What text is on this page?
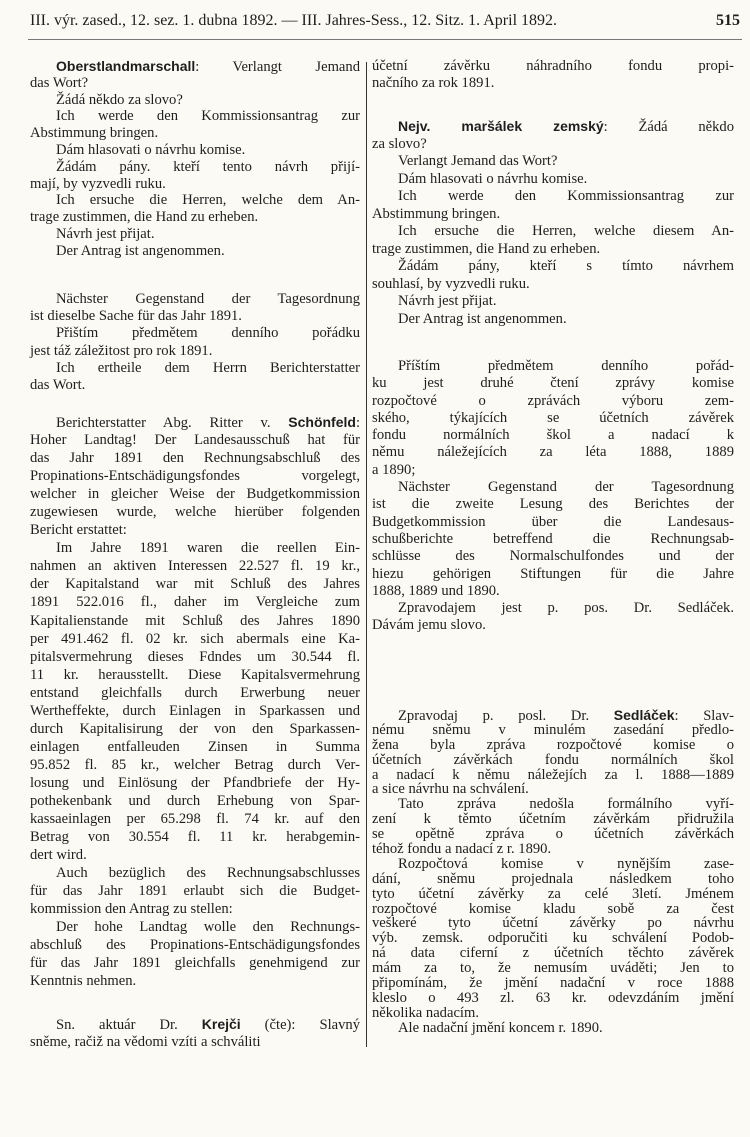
III. výr. zased., 12. sez. 1. dubna 1892. — III. Jahres-Sess., 12. Sitz. 1. April 1892.	515
Oberstlandmarschall: Verlangt Jemand
das Wort?
Žádá někdo za slovo?
Ich werde den Kommissionsantrag zur
Abstimmung bringen.
Dám hlasovati o návrhu komise.
Žádám pány. kteří tento návrh přijí-
mají, by vyzvedli ruku.
Ich ersuche die Herren, welche dem An-
trage zustimmen, die Hand zu erheben.
Návrh jest přijat.
Der Antrag ist angenommen.
Nächster Gegenstand der Tagesordnung
ist dieselbe Sache für das Jahr 1891.
Přištím předmětem denního pořádku
jest táž záležitost pro rok 1891.
Ich ertheile dem Herrn Berichterstatter
das Wort.
Berichterstatter Abg. Ritter v. Schönfeld:
Hoher Landtag! Der Landesausschuß hat für
das Jahr 1891 den Rechnungsabschluß des
Propinations-Entschädigungsfondes vorgelegt,
welcher in gleicher Weise der Budgetkommission
zugewiesen wurde, welche hierüber folgenden
Bericht erstattet:
Im Jahre 1891 waren die reellen Ein-
nahmen an aktiven Interessen 22.527 fl. 19 kr.,
der Kapitalstand war mit Schluß des Jahres
1891 522.016 fl., daher im Vergleiche zum
Kapitalienstande mit Schluß des Jahres 1890
per 491.462 fl. 02 kr. sich abermals eine Ka-
pitalsvermehrung dieses Fdndes um 30.544 fl.
11 kr. herausstellt. Diese Kapitalsvermehrung
entstand gleichfalls durch Erwerbung neuer
Wertheffekte, durch Einlagen in Sparkassen und
durch Kapitalisirung der von den Sparkassen-
einlagen entfalleuden Zinsen in Summa
95.852 fl. 85 kr., welcher Betrag durch Ver-
losung und Einlösung der Pfandbriefe der Hy-
pothekenbank und durch Erhebung von Spar-
kassaeinlagen per 65.298 fl. 74 kr. auf den
Betrag von 30.554 fl. 11 kr. herabgemin-
dert wird.
Auch bezüglich des Rechnungsabschlusses
für das Jahr 1891 erlaubt sich die Budget-
kommission den Antrag zu stellen:
Der hohe Landtag wolle den Rechnungs-
abschluß des Propinations-Entschädigungsfondes
für das Jahr 1891 gleichfalls genehmigend zur
Kenntnis nehmen.
Sn. aktuár Dr. Krejči (čte): Slavný
sněme, račiž na vědomi vzíti a schváliti
účetní závěrku náhradního fondu propi-
načního za rok 1891.
Nejv. maršálek zemský: Žádá někdo
za slovo?
Verlangt Jemand das Wort?
Dám hlasovati o návrhu komise.
Ich werde den Kommissionsantrag zur
Abstimmung bringen.
Ich ersuche die Herren, welche diesem An-
trage zustimmen, die Hand zu erheben.
Žádám pány, kteří s tímto návrhem
souhlasí, by vyzvedli ruku.
Návrh jest přijat.
Der Antrag ist angenommen.
Příštím předmětem denního pořád-
ku jest druhé čtení zprávy komise
rozpočtové o zprávách výboru zem-
ského, týkajících se účetních závěrek
fondu normálních škol a nadací k
němu náležejících za léta 1888, 1889
a 1890;
Nächster Gegenstand der Tagesordnung
ist die zweite Lesung des Berichtes der
Budgetkommission über die Landesaus-
schußberichte betreffend die Rechnungsab-
schlüsse des Normalschulfondes und der
hiezu gehörigen Stiftungen für die Jahre
1888, 1889 und 1890.
Zpravodajem jest p. pos. Dr. Sedláček.
Dávám jemu slovo.
Zpravodaj p. posl. Dr. Sedláček: Slav-
nému sněmu v minulém zasedání předlo-
žena byla zpráva rozpočtové komise o
účetních závěrkách fondu normálních škol
a nadací k němu náležejích za l. 1888—1889
a sice návrhu na schválení.
Tato zpráva nedošla formálního vyří-
zení k těmto účetním závěrkám přidružila
se opětně zpráva o účetních závěrkách
téhož fondu a nadací z r. 1890.
Rozpočtová komise v nynějším zase-
dání, sněmu projednala následkem toho
tyto účetní závěrky za celé 3letí. Jménem
rozpočtové komise kladu sobě za čest
veškeré tyto účetní závěrky po návrhu
výb. zemsk. odporučiti ku schválení Podob-
ná data ciferní z účetních těchto závěrek
mám za to, že nemusím uváděti; Jen to
připomínám, že jmění nadační v roce 1888
kleslo o 493 zl. 63 kr. odevzdáním jmění
několika nadacím.
Ale nadační jmění koncem r. 1890.
